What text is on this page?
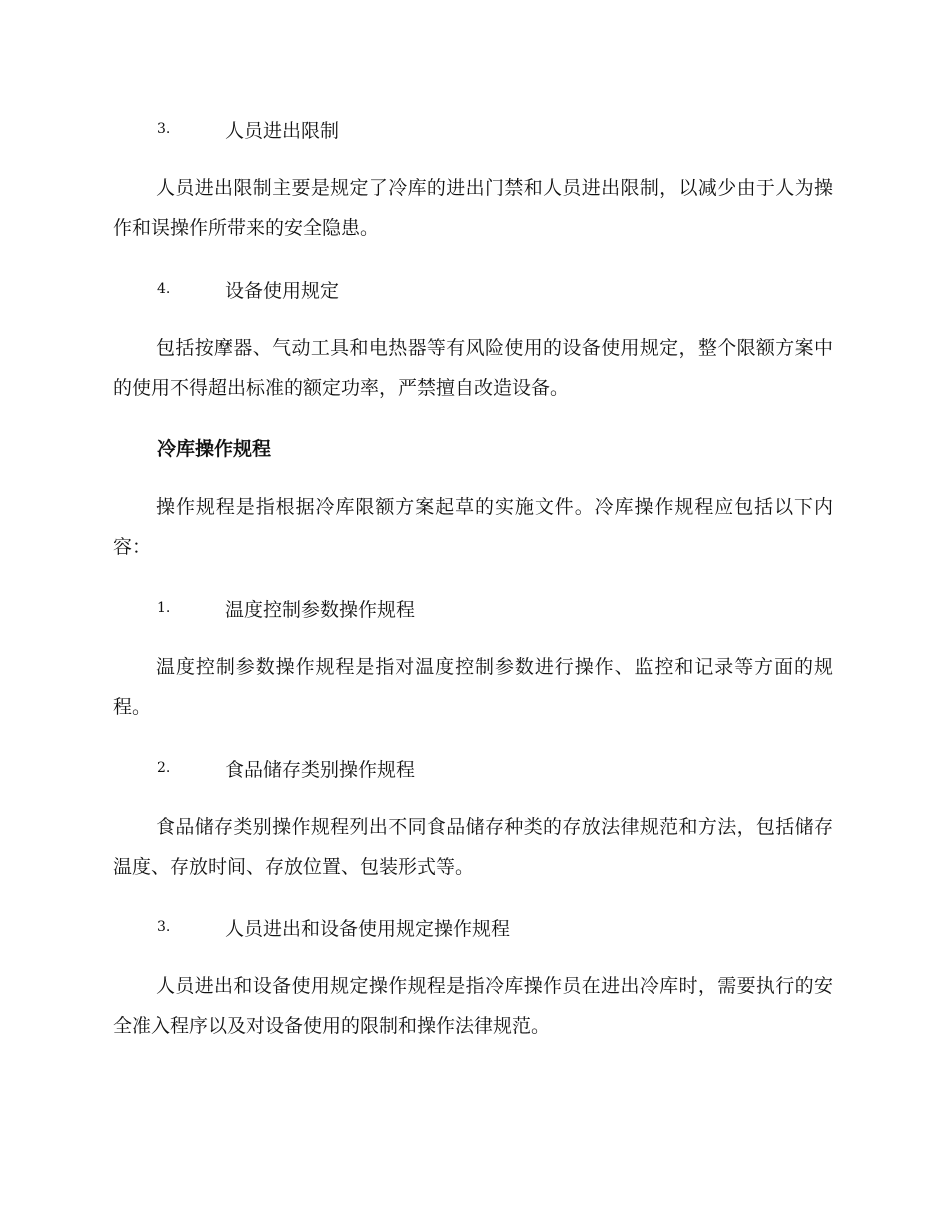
3.	人员进出限制

人员进出限制主要是规定了冷库的进出门禁和人员进出限制，以减少由于人为操作和误操作所带来的安全隐患。

4.	设备使用规定

包括按摩器、气动工具和电热器等有风险使用的设备使用规定，整个限额方案中的使用不得超出标准的额定功率，严禁擅自改造设备。

冷库操作规程

操作规程是指根据冷库限额方案起草的实施文件。冷库操作规程应包括以下内容：

1.	温度控制参数操作规程

温度控制参数操作规程是指对温度控制参数进行操作、监控和记录等方面的规程。

2.	食品储存类别操作规程

食品储存类别操作规程列出不同食品储存种类的存放法律规范和方法，包括储存温度、存放时间、存放位置、包装形式等。

3.	人员进出和设备使用规定操作规程

人员进出和设备使用规定操作规程是指冷库操作员在进出冷库时，需要执行的安全准入程序以及对设备使用的限制和操作法律规范。
